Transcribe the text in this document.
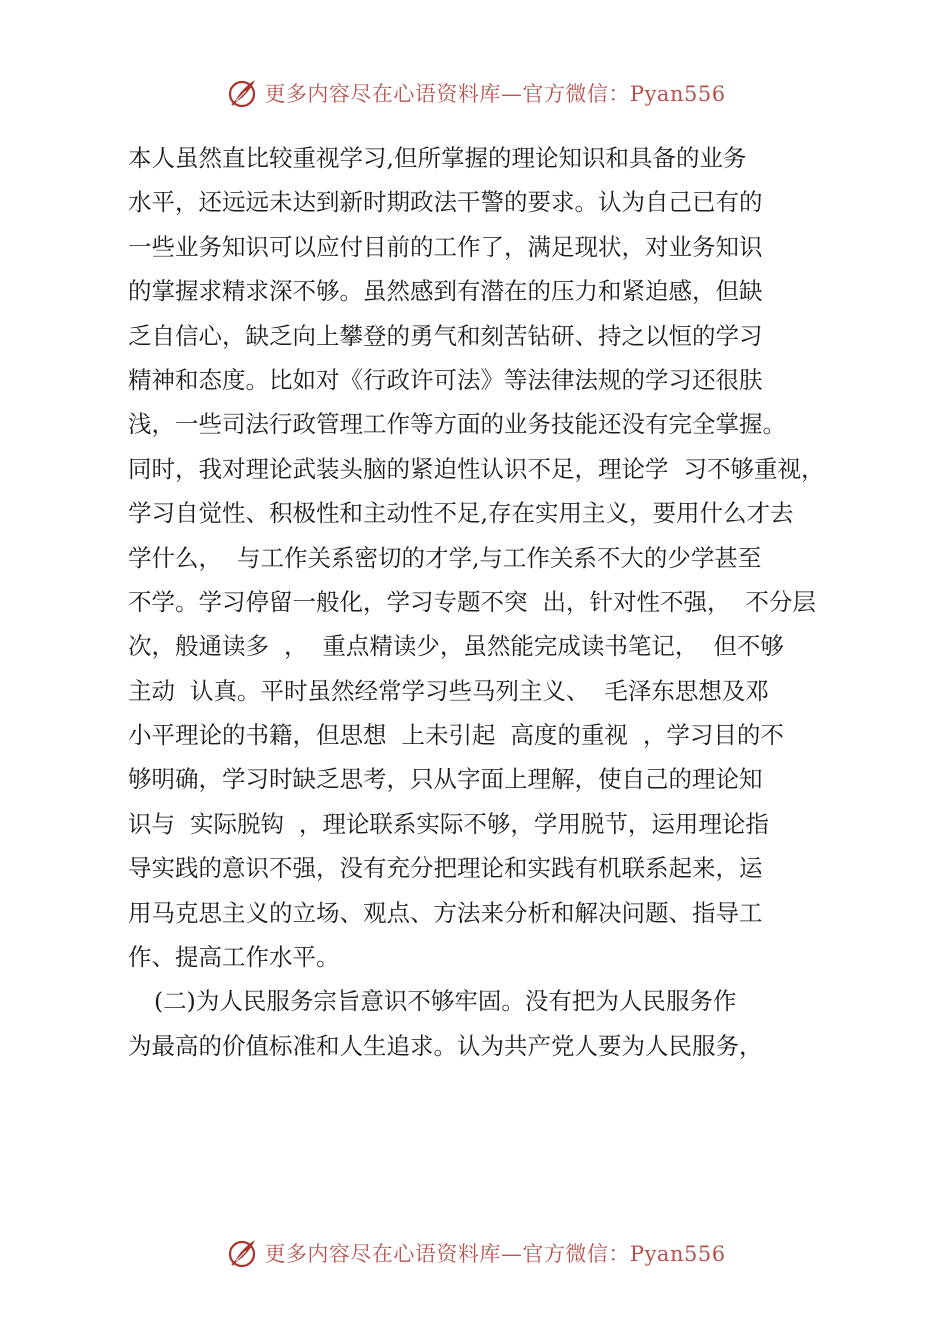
更多内容尽在心语资料库—官方微信：Pyan556
本人虽然直比较重视学习,但所掌握的理论知识和具备的业务
水平，还远远未达到新时期政法干警的要求。认为自己已有的
一些业务知识可以应付目前的工作了，满足现状，对业务知识
的掌握求精求深不够。虽然感到有潜在的压力和紧迫感，但缺
乏自信心，缺乏向上攀登的勇气和刻苦钻研、持之以恒的学习
精神和态度。比如对《行政许可法》等法律法规的学习还很肤
浅，一些司法行政管理工作等方面的业务技能还没有完全掌握。
同时，我对理论武装头脑的紧迫性认识不足，理论学  习不够重视，
学习自觉性、积极性和主动性不足,存在实用主义，要用什么才去
学什么，  与工作关系密切的才学,与工作关系不大的少学甚至
不学。学习停留一般化，学习专题不突  出，针对性不强，  不分层
次，般通读多  ，  重点精读少，虽然能完成读书笔记，  但不够
主动  认真。平时虽然经常学习些马列主义、  毛泽东思想及邓
小平理论的书籍，但思想  上未引起  高度的重视  ，学习目的不
够明确，学习时缺乏思考，只从字面上理解，使自己的理论知
识与  实际脱钩  ，理论联系实际不够，学用脱节，运用理论指
导实践的意识不强，没有充分把理论和实践有机联系起来，运
用马克思主义的立场、观点、方法来分析和解决问题、指导工
作、提高工作水平。
(二)为人民服务宗旨意识不够牢固。没有把为人民服务作
为最高的价值标准和人生追求。认为共产党人要为人民服务，
更多内容尽在心语资料库—官方微信：Pyan556
